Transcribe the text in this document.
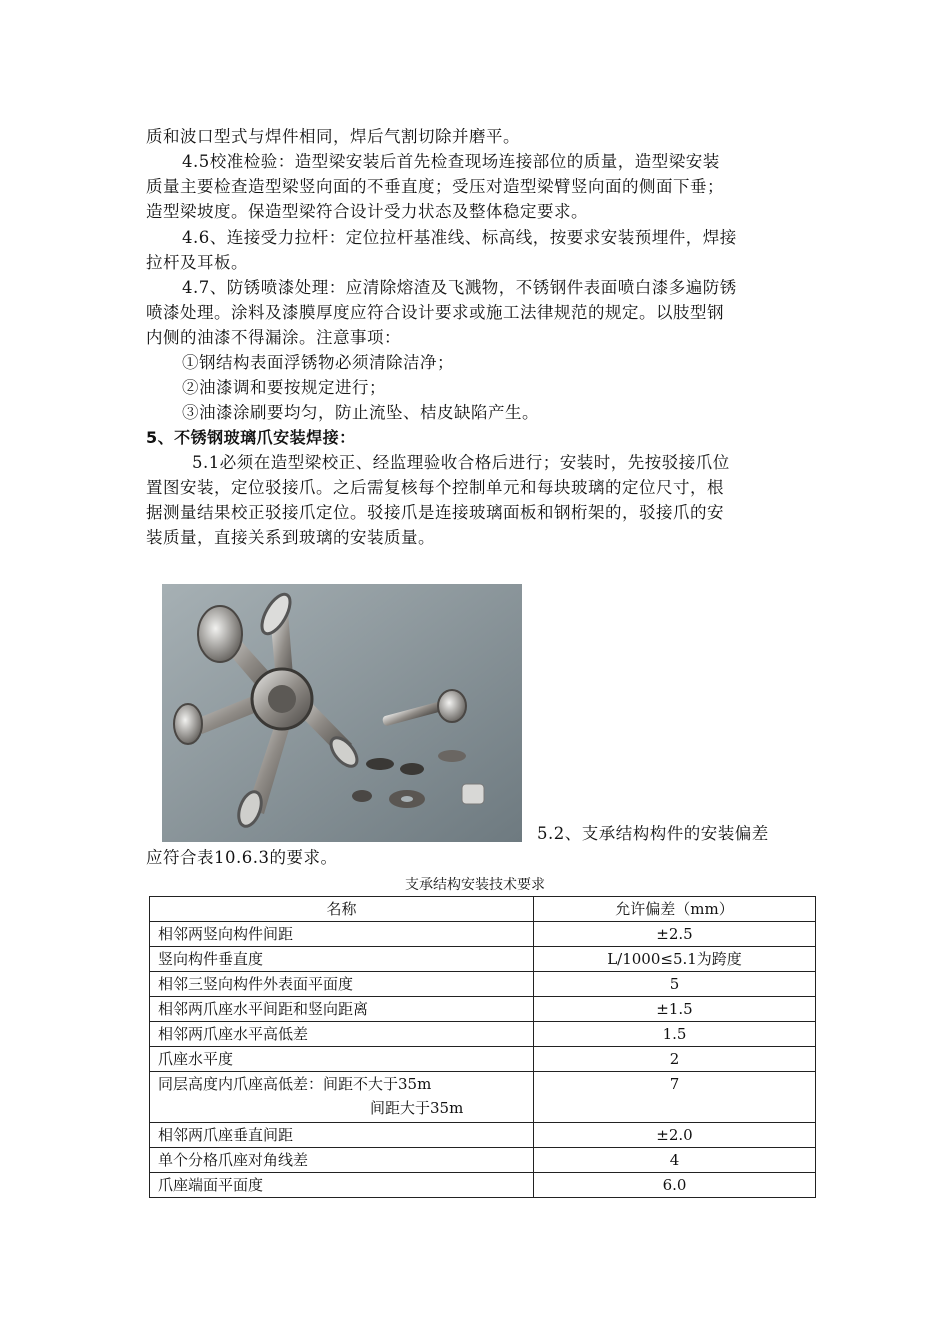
质和波口型式与焊件相同，焊后气割切除并磨平。
4.5校准检验：造型梁安装后首先检查现场连接部位的质量，造型梁安装
质量主要检查造型梁竖向面的不垂直度；受压对造型梁臂竖向面的侧面下垂；
造型梁坡度。保造型梁符合设计受力状态及整体稳定要求。
4.6、连接受力拉杆：定位拉杆基准线、标高线，按要求安装预埋件，焊接
拉杆及耳板。
4.7、防锈喷漆处理：应清除熔渣及飞溅物，不锈钢件表面喷白漆多遍防锈
喷漆处理。涂料及漆膜厚度应符合设计要求或施工法律规范的规定。以肢型钢
内侧的油漆不得漏涂。注意事项：
①钢结构表面浮锈物必须清除洁净；
②油漆调和要按规定进行；
③油漆涂刷要均匀，防止流坠、桔皮缺陷产生。
5、不锈钢玻璃爪安装焊接：
5.1必须在造型梁校正、经监理验收合格后进行；安装时，先按驳接爪位
置图安装，定位驳接爪。之后需复核每个控制单元和每块玻璃的定位尺寸，根
据测量结果校正驳接爪定位。驳接爪是连接玻璃面板和钢桁架的，驳接爪的安
装质量，直接关系到玻璃的安装质量。
5.2、支承结构构件的安装偏差
应符合表10.6.3的要求。
支承结构安装技术要求
名称	允许偏差（mm）
相邻两竖向构件间距	±2.5
竖向构件垂直度	L/1000≤5.1为跨度
相邻三竖向构件外表面平面度	5
相邻两爪座水平间距和竖向距离	±1.5
相邻两爪座水平高低差	1.5
爪座水平度	2
同层高度内爪座高低差：间距不大于35m
间距大于35m	7
相邻两爪座垂直间距	±2.0
单个分格爪座对角线差	4
爪座端面平面度	6.0
